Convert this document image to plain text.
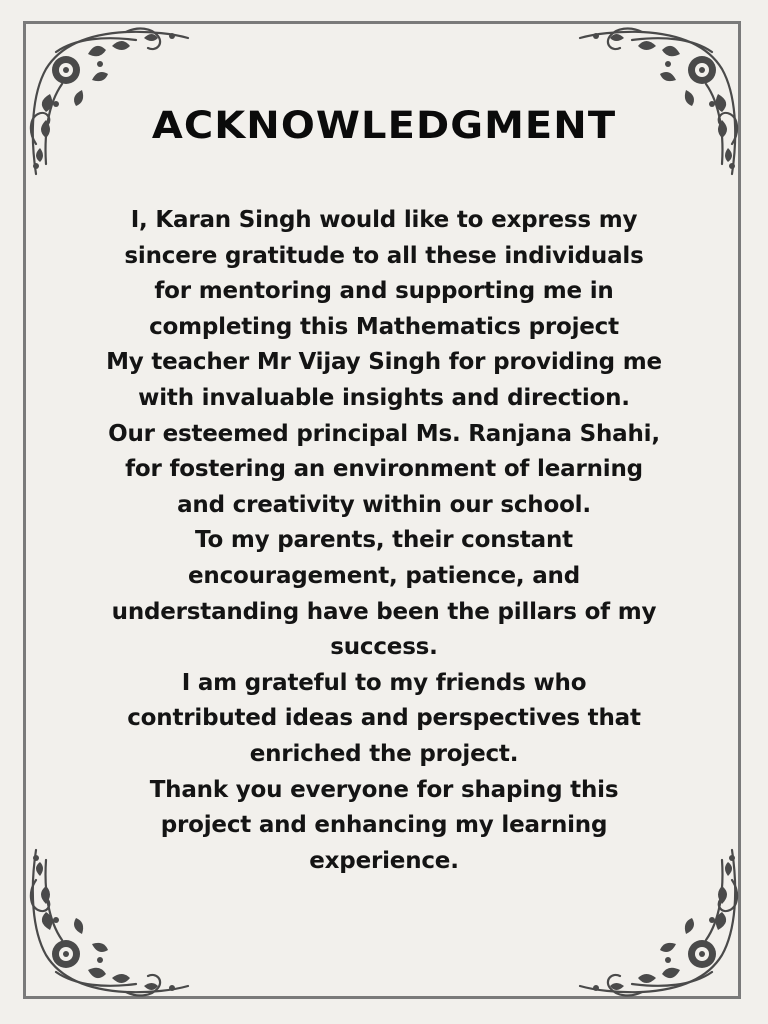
ACKNOWLEDGMENT
I, Karan Singh would like to express my
sincere gratitude to all these individuals
for mentoring and supporting me in
completing this Mathematics project
My teacher Mr Vijay Singh for providing me
with invaluable insights and direction.
Our esteemed principal Ms. Ranjana Shahi,
for fostering an environment of learning
and creativity within our school.
To my parents, their constant
encouragement, patience, and
understanding have been the pillars of my
success.
I am grateful to my friends who
contributed ideas and perspectives that
enriched the project.
Thank you everyone for shaping this
project and enhancing my learning
experience.
